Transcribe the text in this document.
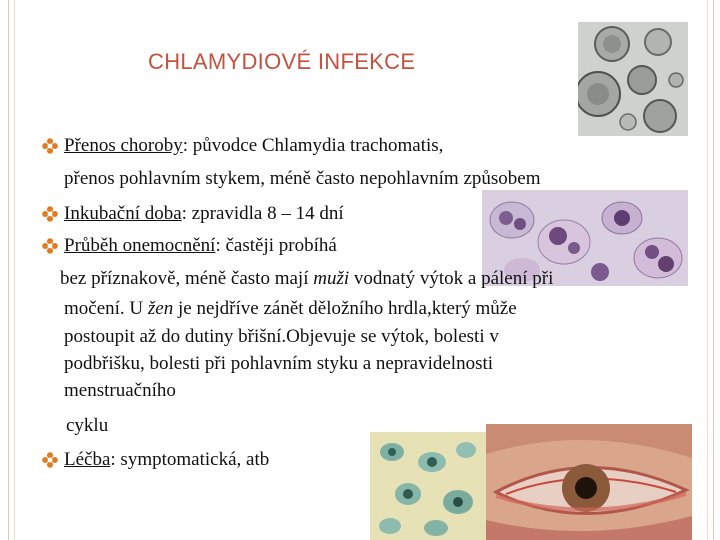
CHLAMYDIOVÉ INFEKCE
Přenos choroby: původce Chlamydia trachomatis,
přenos pohlavním stykem, méně často nepohlavním způsobem
Inkubační doba: zpravidla 8 – 14 dní
Průběh onemocnění: častěji probíhá
bez příznakově, méně často mají muži vodnatý výtok a pálení při
močení. U žen je nejdříve zánět děložního hrdla,který může
postoupit až do dutiny břišní.Objevuje se výtok, bolesti v
podbřišku, bolesti při pohlavním styku a nepravidelnosti
menstruačního
cyklu
Léčba: symptomatická, atb
